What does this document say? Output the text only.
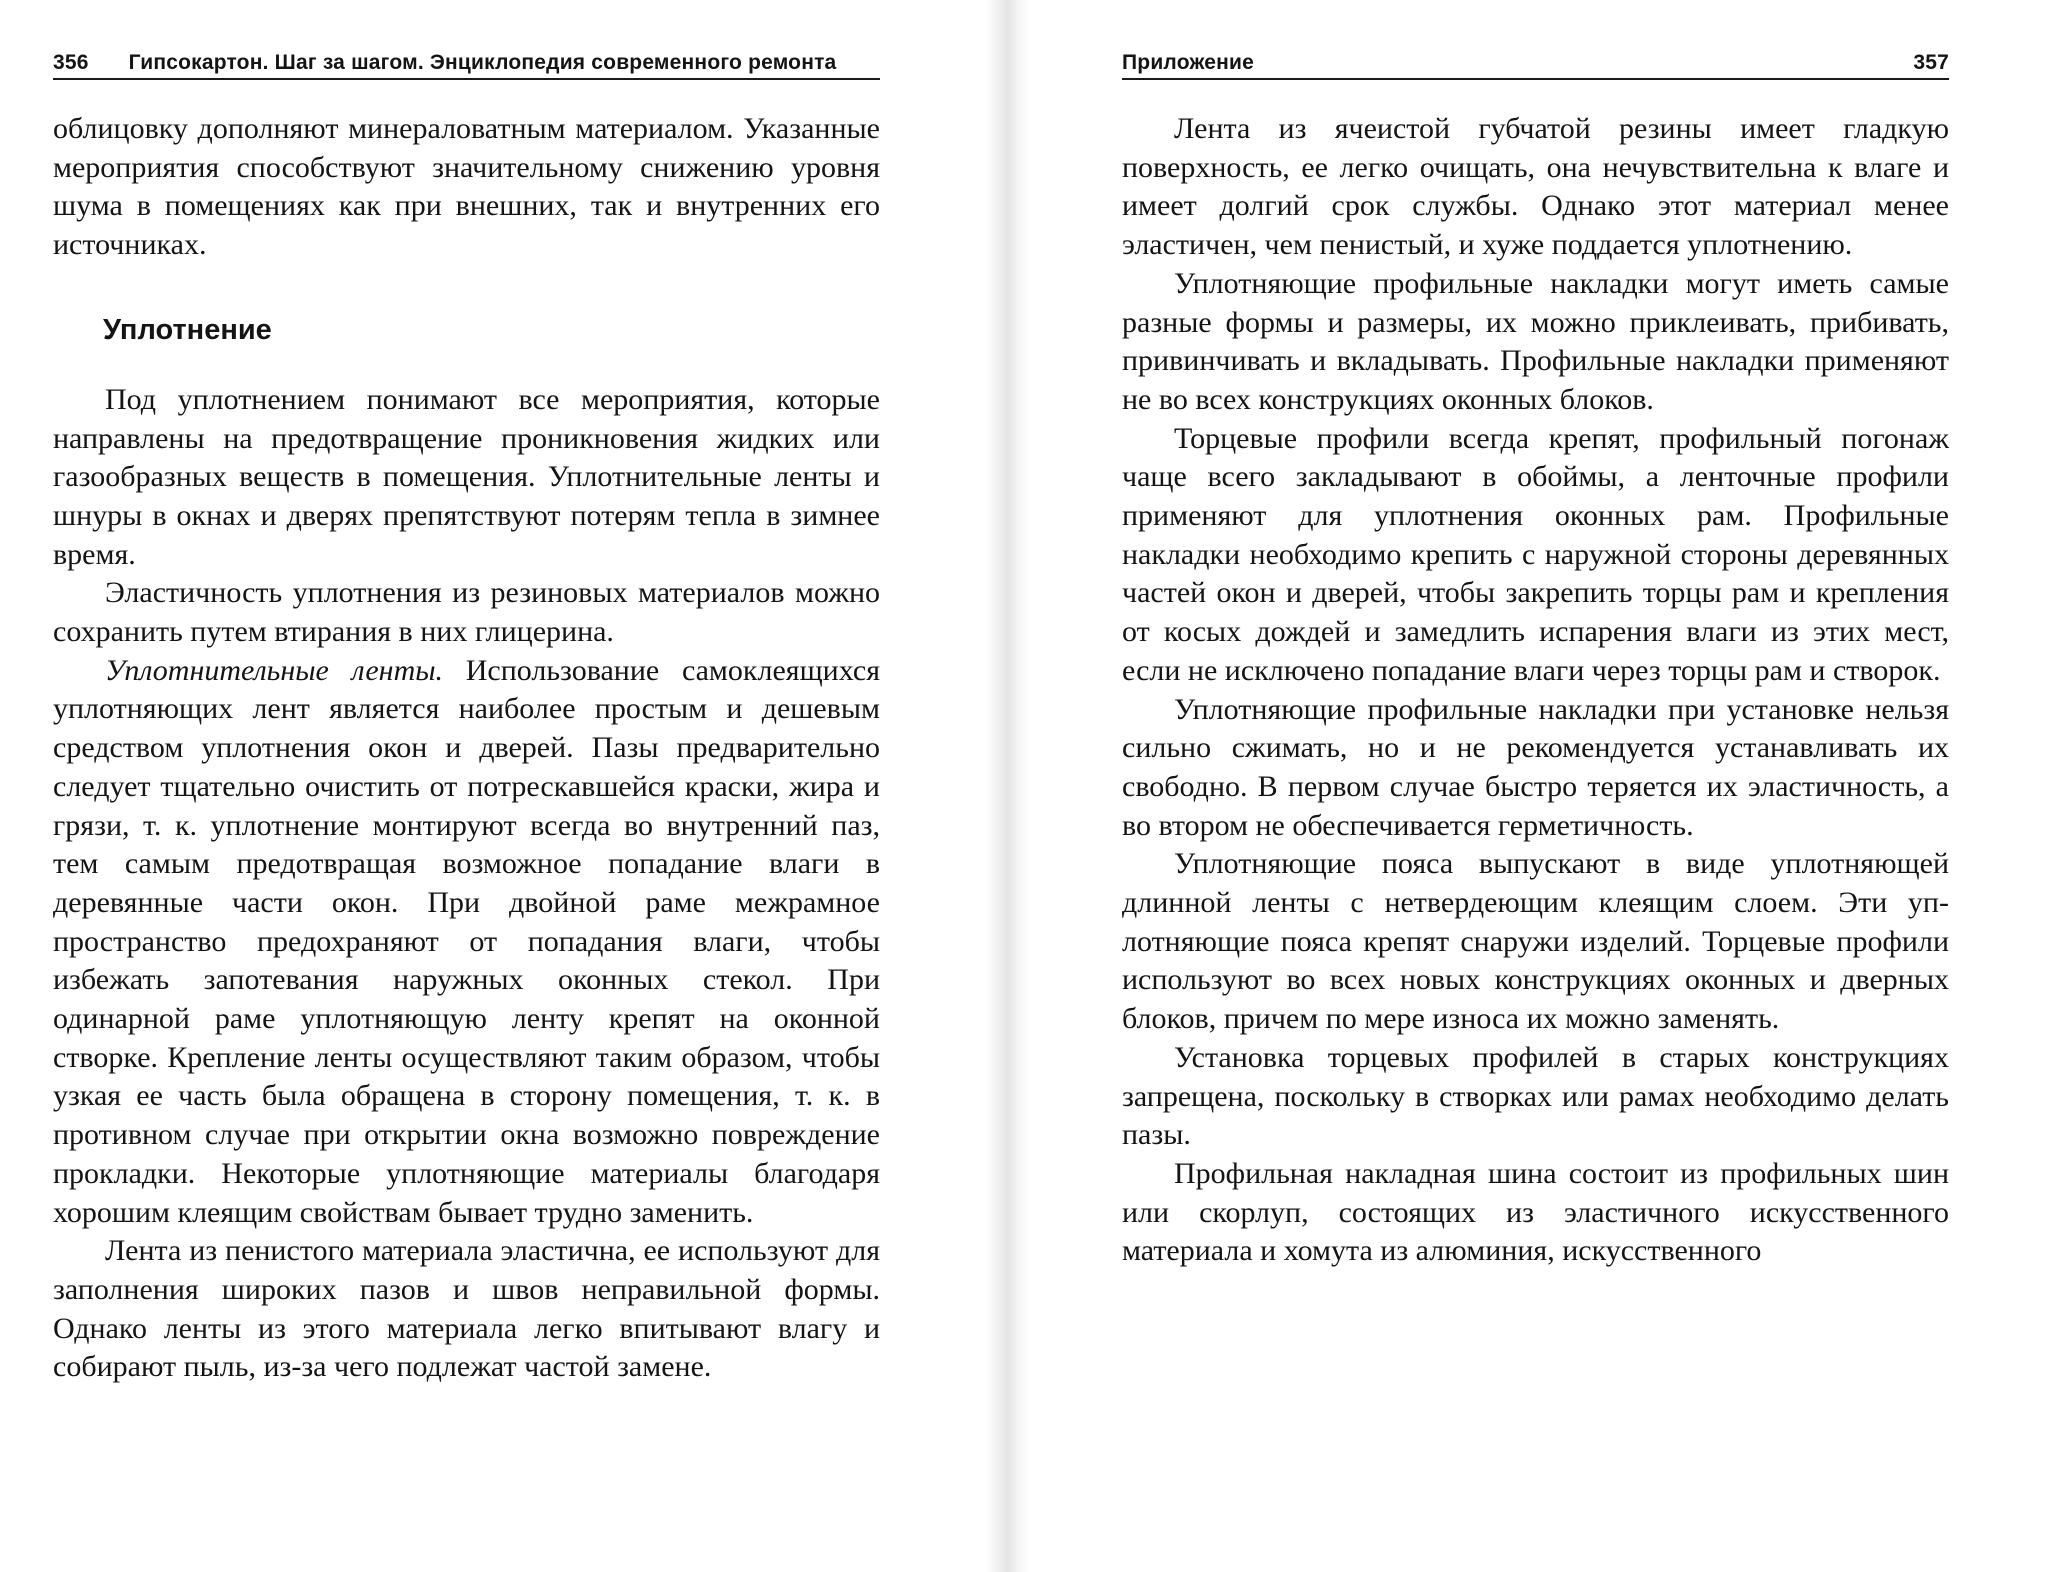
356 Гипсокартон. Шаг за шагом. Энциклопедия современного ремонта

облицовку дополняют минераловатным материалом. Указанные мероприятия способствуют значительному снижению уровня шума в помещениях как при внешних, так и внутренних его источниках.

Уплотнение

Под уплотнением понимают все мероприятия, которые направлены на предотвращение проникновения жидких или газообразных веществ в помещения. Уплотнительные ленты и шнуры в окнах и дверях препятствуют потерям тепла в зимнее время.

Эластичность уплотнения из резиновых материалов можно сохранить путем втирания в них глицерина.

Уплотнительные ленты. Использование самоклеящихся уплотняющих лент является наиболее простым и дешевым средством уплотнения окон и дверей. Пазы предварительно следует тщательно очистить от потрескавшейся краски, жира и грязи, т. к. уплотнение монтируют всегда во внутренний паз, тем самым предотвращая возможное попадание влаги в деревянные части окон. При двойной раме межрамное пространство предохраняют от попадания влаги, чтобы избежать запотевания наружных оконных стекол. При одинарной раме уплотняющую ленту крепят на оконной створке. Крепление ленты осуществляют таким образом, чтобы узкая ее часть была обращена в сторону помещения, т. к. в противном случае при открытии окна возможно повреждение прокладки. Некоторые уплотняющие материалы благодаря хорошим клеящим свойствам бывает трудно заменить.

Лента из пенистого материала эластична, ее используют для заполнения широких пазов и швов неправильной формы. Однако ленты из этого материала легко впитывают влагу и собирают пыль, из-за чего подлежат частой замене.

Приложение	357

Лента из ячеистой губчатой резины имеет гладкую поверхность, ее легко очищать, она нечувствительна к влаге и имеет долгий срок службы. Однако этот материал менее эластичен, чем пенистый, и хуже поддается уплотнению.

Уплотняющие профильные накладки могут иметь самые разные формы и размеры, их можно приклеивать, прибивать, привинчивать и вкладывать. Профильные накладки применяют не во всех конструкциях оконных блоков.

Торцевые профили всегда крепят, профильный погонаж чаще всего закладывают в обоймы, а ленточные профили применяют для уплотнения оконных рам. Профильные накладки необходимо крепить с наружной стороны деревянных частей окон и дверей, чтобы закрепить торцы рам и крепления от косых дождей и замедлить испарения влаги из этих мест, если не исключено попадание влаги через торцы рам и створок.

Уплотняющие профильные накладки при установке нельзя сильно сжимать, но и не рекомендуется устанавливать их свободно. В первом случае быстро теряется их эластичность, а во втором не обеспечивается герметичность.

Уплотняющие пояса выпускают в виде уплотняющей длинной ленты с нетвердеющим клеящим слоем. Эти уплотняющие пояса крепят снаружи изделий. Торцевые профили используют во всех новых конструкциях оконных и дверных блоков, причем по мере износа их можно заменять.

Установка торцевых профилей в старых конструкциях запрещена, поскольку в створках или рамах необходимо делать пазы.

Профильная накладная шина состоит из профильных шин или скорлуп, состоящих из эластичного искусственного материала и хомута из алюминия, искусственного
